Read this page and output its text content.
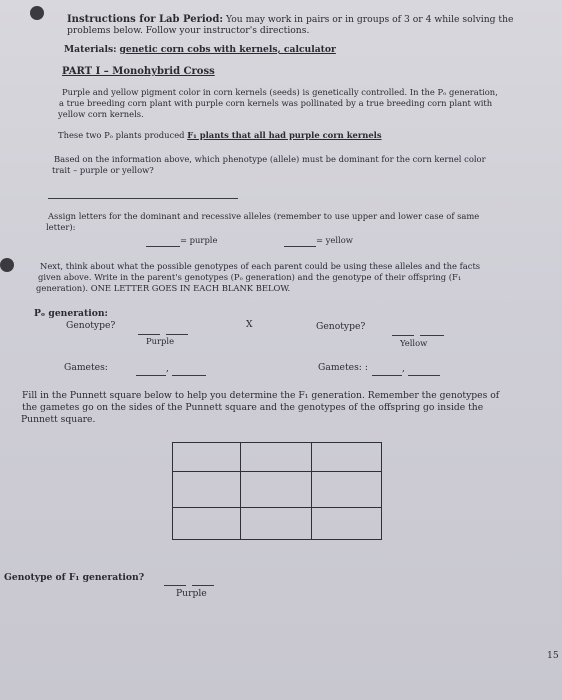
Instructions for Lab Period: You may work in pairs or in groups of 3 or 4 while solving the

problems below. Follow your instructor's directions.

Materials: genetic corn cobs with kernels, calculator

PART I – Monohybrid Cross

Purple and yellow pigment color in corn kernels (seeds) is genetically controlled. In the Pₒ generation,

a true breeding corn plant with purple corn kernels was pollinated by a true breeding corn plant with

yellow corn kernels.

These two Pₒ plants produced F₁ plants that all had purple corn kernels

Based on the information above, which phenotype (allele) must be dominant for the corn kernel color

trait – purple or yellow?

Assign letters for the dominant and recessive alleles (remember to use upper and lower case of same

letter):

= purple	= yellow

Next, think about what the possible genotypes of each parent could be using these alleles and the facts

given above. Write in the parent's genotypes (Pₒ generation) and the genotype of their offspring (F₁

generation). ONE LETTER GOES IN EACH BLANK BELOW.

Pₒ generation:

Genotype?

Purple

X	Genotype?

Yellow

Gametes:	,	Gametes: :	,

Fill in the Punnett square below to help you determine the F₁ generation. Remember the genotypes of

the gametes go on the sides of the Punnett square and the genotypes of the offspring go inside the

Punnett square.

Genotype of F₁ generation?

Purple

15
